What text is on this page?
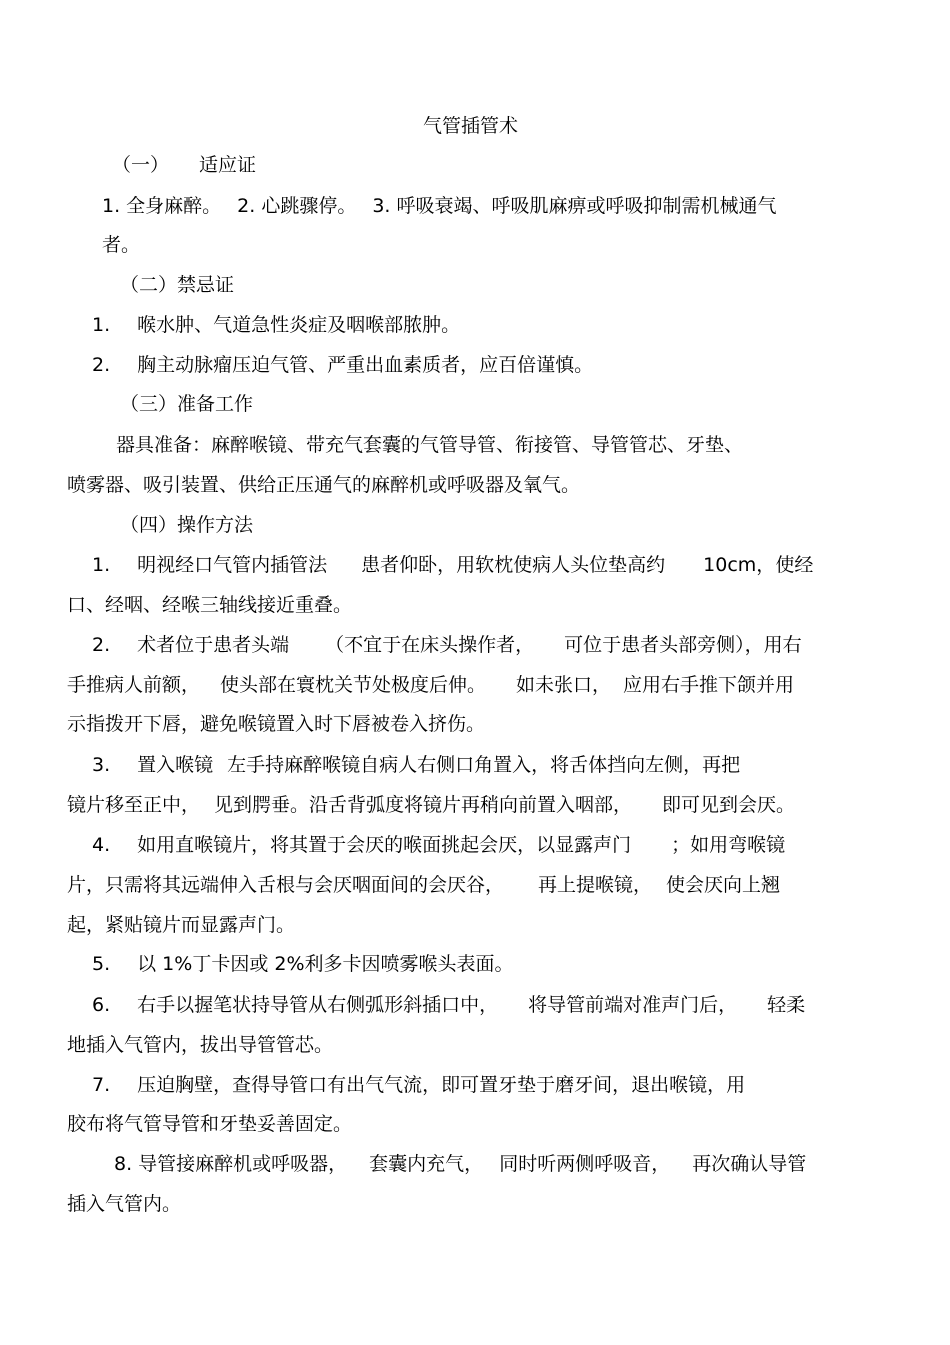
气管插管术
（一） 适应证
1. 全身麻醉。 2. 心跳骤停。 3. 呼吸衰竭、呼吸肌麻痹或呼吸抑制需机械通气
者。
（二）禁忌证
1. 喉水肿、气道急性炎症及咽喉部脓肿。
2. 胸主动脉瘤压迫气管、严重出血素质者，应百倍谨慎。
（三）准备工作
器具准备：麻醉喉镜、带充气套囊的气管导管、衔接管、导管管芯、牙垫、
喷雾器、吸引装置、供给正压通气的麻醉机或呼吸器及氧气。
（四）操作方法
1. 明视经口气管内插管法 患者仰卧，用软枕使病人头位垫高约 10cm，使经
口、经咽、经喉三轴线接近重叠。
2. 术者位于患者头端 （不宜于在床头操作者， 可位于患者头部旁侧），用右
手推病人前额， 使头部在寰枕关节处极度后伸。 如未张口， 应用右手推下颌并用
示指拨开下唇，避免喉镜置入时下唇被卷入挤伤。
3. 置入喉镜 左手持麻醉喉镜自病人右侧口角置入，将舌体挡向左侧，再把
镜片移至正中， 见到腭垂。沿舌背弧度将镜片再稍向前置入咽部， 即可见到会厌。
4. 如用直喉镜片，将其置于会厌的喉面挑起会厌，以显露声门 ；如用弯喉镜
片，只需将其远端伸入舌根与会厌咽面间的会厌谷， 再上提喉镜， 使会厌向上翘
起，紧贴镜片而显露声门。
5. 以 1%丁卡因或 2%利多卡因喷雾喉头表面。
6. 右手以握笔状持导管从右侧弧形斜插口中， 将导管前端对准声门后， 轻柔
地插入气管内，拔出导管管芯。
7. 压迫胸壁，查得导管口有出气气流，即可置牙垫于磨牙间，退出喉镜，用
胶布将气管导管和牙垫妥善固定。
8. 导管接麻醉机或呼吸器， 套囊内充气， 同时听两侧呼吸音， 再次确认导管
插入气管内。
